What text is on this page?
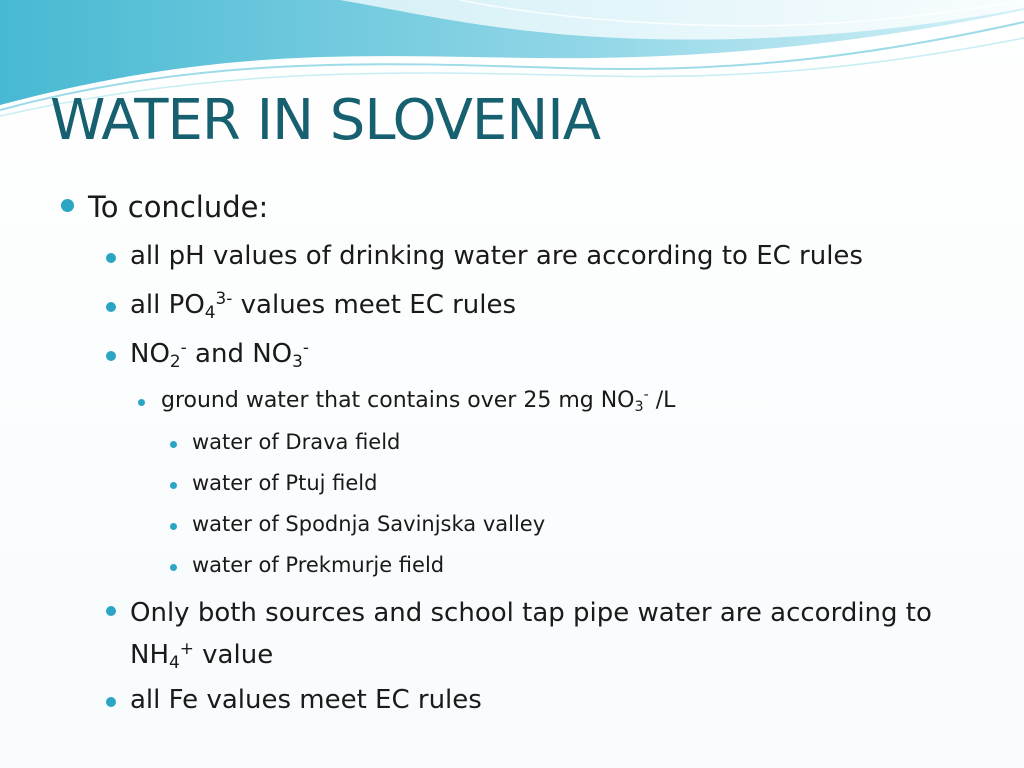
WATER IN SLOVENIA
To conclude:
all pH values of drinking water are according to EC rules
all $PO_4^{3-}$ values meet EC rules
$NO_2^-$ and $NO_3^-$
ground water that contains over 25 mg $NO_3^-$ /L
water of Drava field
water of Ptuj field
water of Spodnja Savinjska valley
water of Prekmurje field
Only both sources and school tap pipe water are according to $NH_4^+$ value
all Fe values meet EC rules
